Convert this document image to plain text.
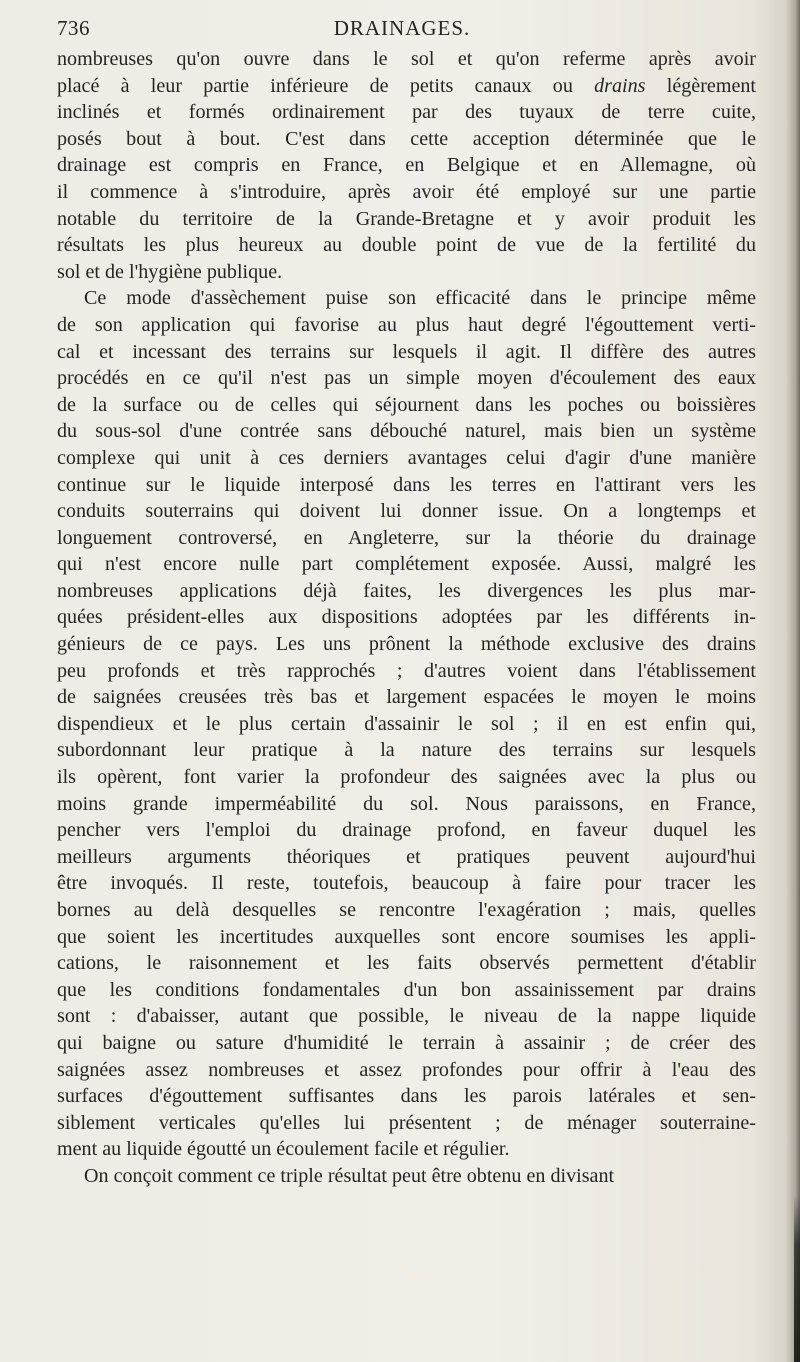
736	DRAINAGES.

nombreuses qu'on ouvre dans le sol et qu'on referme après avoir
placé à leur partie inférieure de petits canaux ou drains légèrement
inclinés et formés ordinairement par des tuyaux de terre cuite,
posés bout à bout. C'est dans cette acception déterminée que le
drainage est compris en France, en Belgique et en Allemagne, où
il commence à s'introduire, après avoir été employé sur une partie
notable du territoire de la Grande-Bretagne et y avoir produit les
résultats les plus heureux au double point de vue de la fertilité du
sol et de l'hygiène publique.

Ce mode d'assèchement puise son efficacité dans le principe même
de son application qui favorise au plus haut degré l'égouttement verti-
cal et incessant des terrains sur lesquels il agit. Il diffère des autres
procédés en ce qu'il n'est pas un simple moyen d'écoulement des eaux
de la surface ou de celles qui séjournent dans les poches ou boissières
du sous-sol d'une contrée sans débouché naturel, mais bien un système
complexe qui unit à ces derniers avantages celui d'agir d'une manière
continue sur le liquide interposé dans les terres en l'attirant vers les
conduits souterrains qui doivent lui donner issue. On a longtemps et
longuement controversé, en Angleterre, sur la théorie du drainage
qui n'est encore nulle part complétement exposée. Aussi, malgré les
nombreuses applications déjà faites, les divergences les plus mar-
quées président-elles aux dispositions adoptées par les différents in-
génieurs de ce pays. Les uns prônent la méthode exclusive des drains
peu profonds et très rapprochés ; d'autres voient dans l'établissement
de saignées creusées très bas et largement espacées le moyen le moins
dispendieux et le plus certain d'assainir le sol ; il en est enfin qui,
subordonnant leur pratique à la nature des terrains sur lesquels
ils opèrent, font varier la profondeur des saignées avec la plus ou
moins grande imperméabilité du sol. Nous paraissons, en France,
pencher vers l'emploi du drainage profond, en faveur duquel les
meilleurs arguments théoriques et pratiques peuvent aujourd'hui
être invoqués. Il reste, toutefois, beaucoup à faire pour tracer les
bornes au delà desquelles se rencontre l'exagération ; mais, quelles
que soient les incertitudes auxquelles sont encore soumises les appli-
cations, le raisonnement et les faits observés permettent d'établir
que les conditions fondamentales d'un bon assainissement par drains
sont : d'abaisser, autant que possible, le niveau de la nappe liquide
qui baigne ou sature d'humidité le terrain à assainir ; de créer des
saignées assez nombreuses et assez profondes pour offrir à l'eau des
surfaces d'égouttement suffisantes dans les parois latérales et sen-
siblement verticales qu'elles lui présentent ; de ménager souterraine-
ment au liquide égoutté un écoulement facile et régulier.

On conçoit comment ce triple résultat peut être obtenu en divisant
